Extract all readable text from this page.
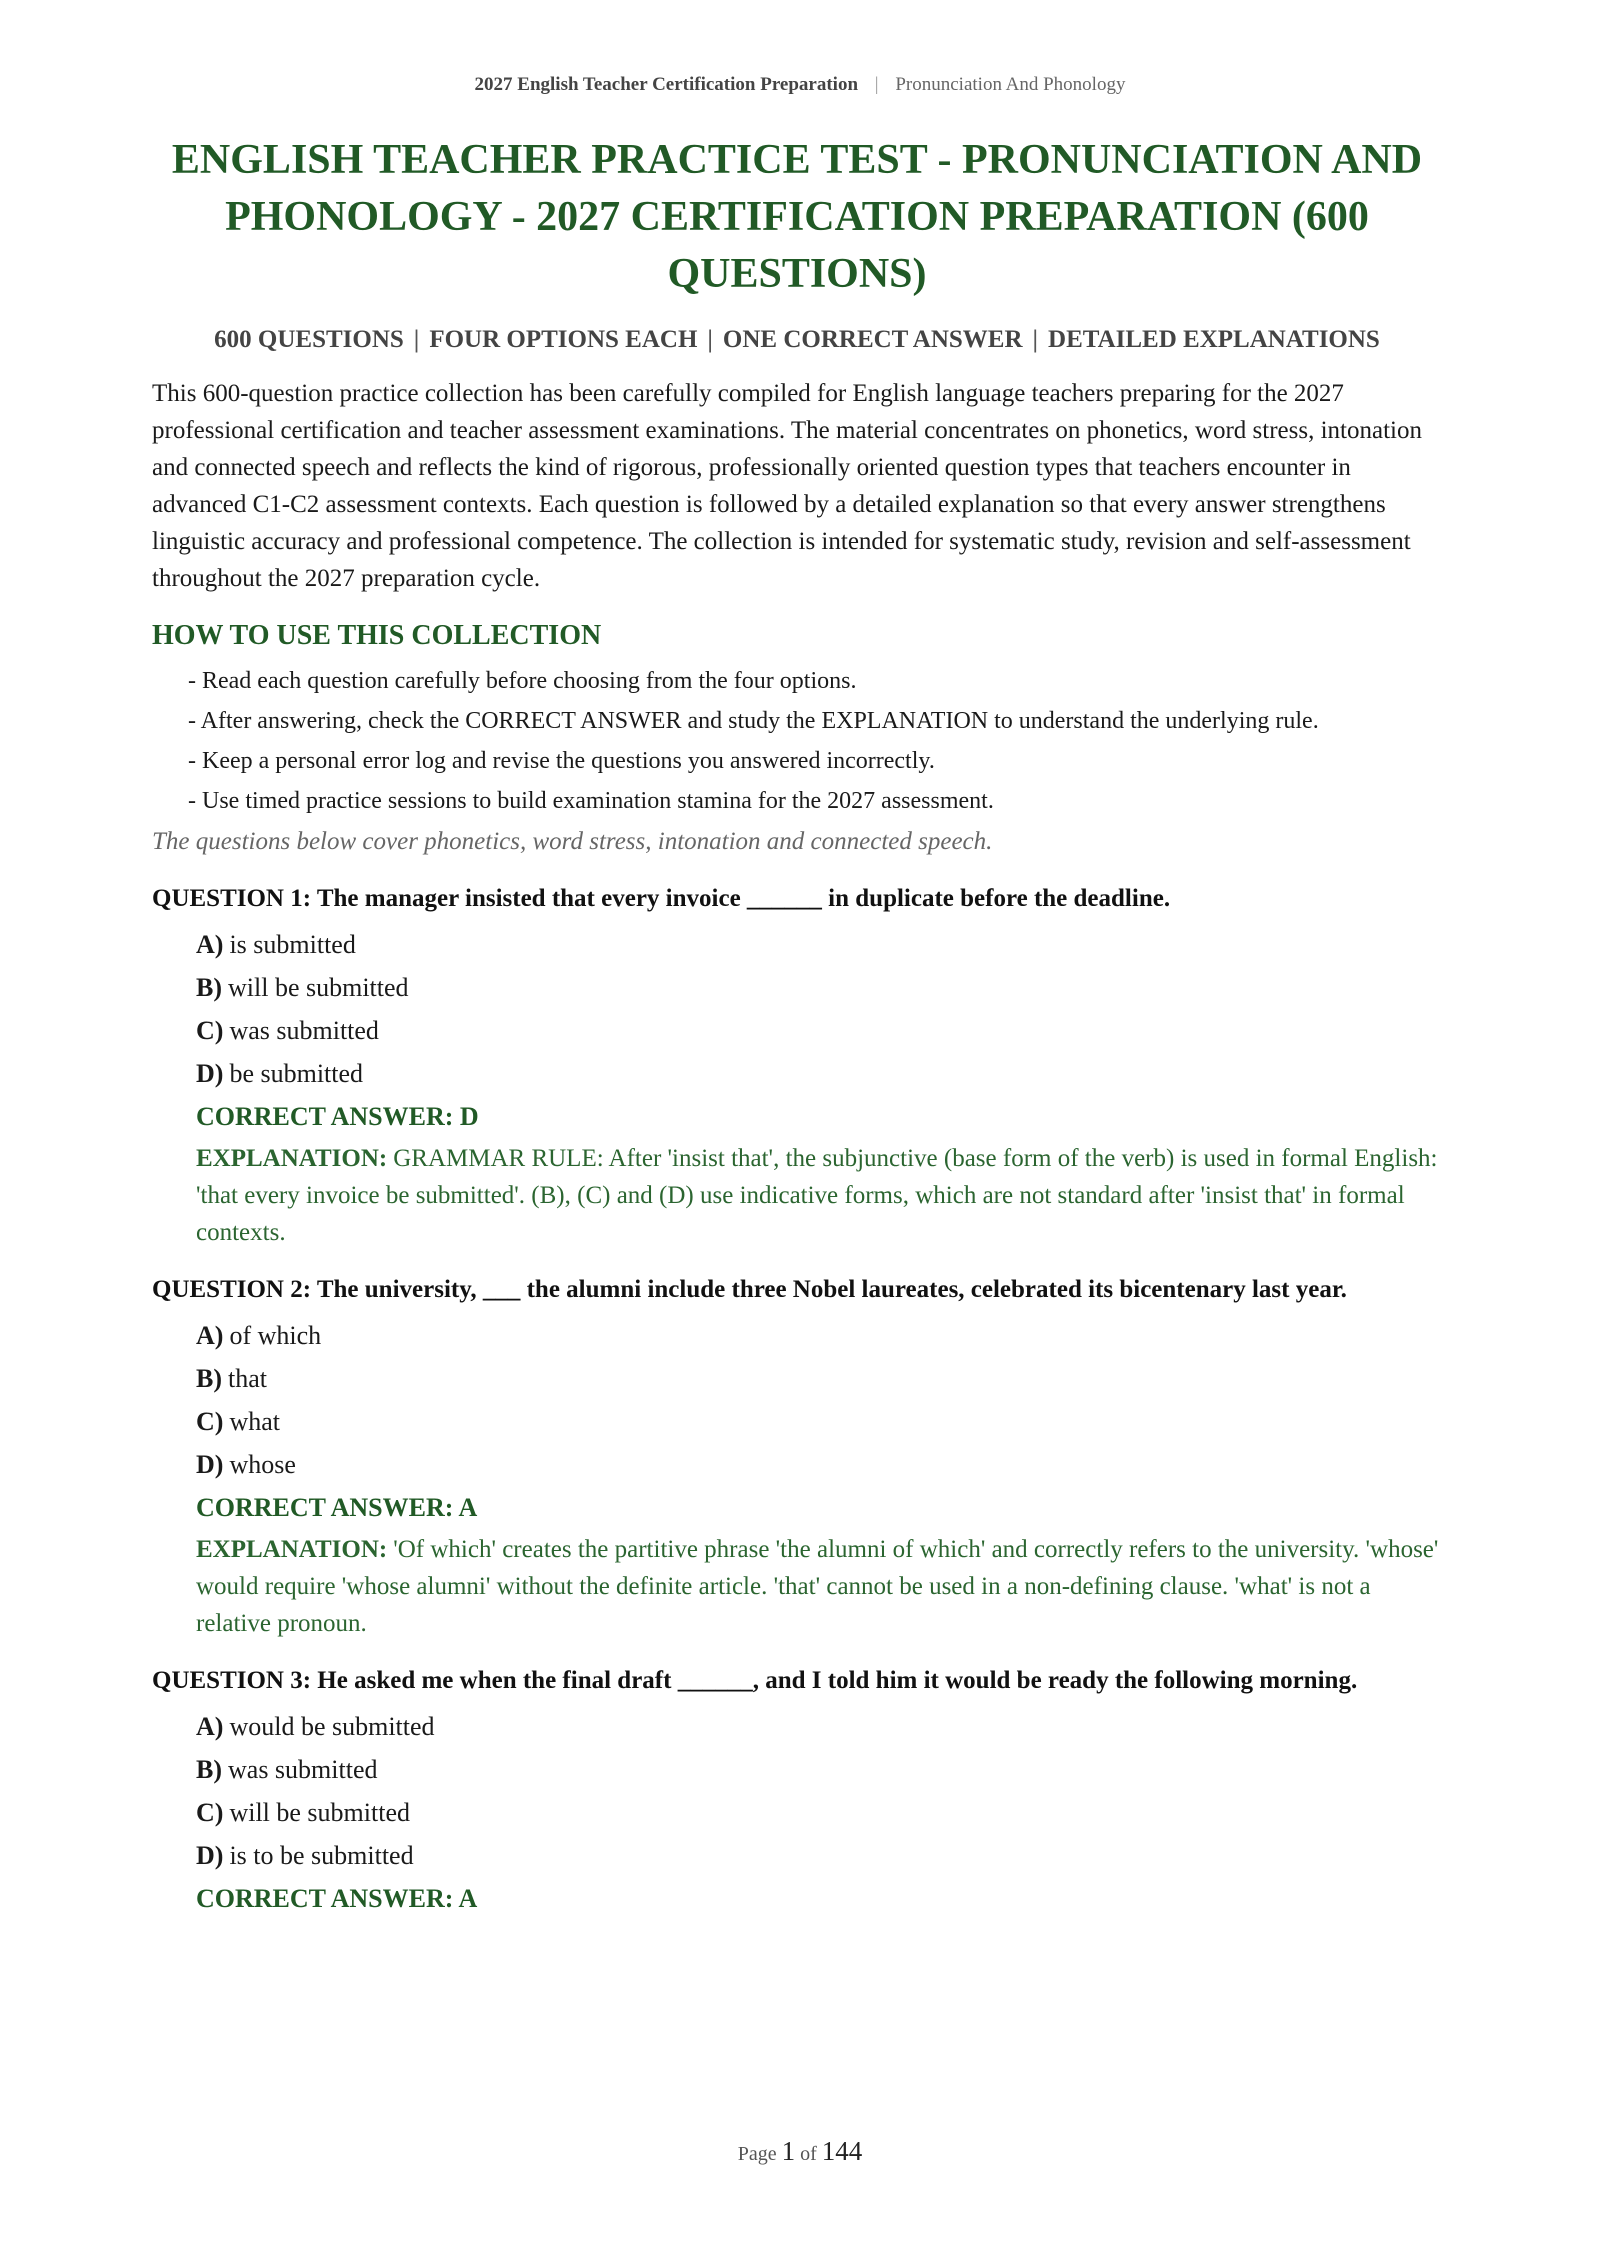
2027 English Teacher Certification Preparation | Pronunciation And Phonology
ENGLISH TEACHER PRACTICE TEST - PRONUNCIATION AND PHONOLOGY - 2027 CERTIFICATION PREPARATION (600 QUESTIONS)
600 QUESTIONS | FOUR OPTIONS EACH | ONE CORRECT ANSWER | DETAILED EXPLANATIONS

This 600-question practice collection has been carefully compiled for English language teachers preparing for the 2027 professional certification and teacher assessment examinations. The material concentrates on phonetics, word stress, intonation and connected speech and reflects the kind of rigorous, professionally oriented question types that teachers encounter in advanced C1-C2 assessment contexts. Each question is followed by a detailed explanation so that every answer strengthens linguistic accuracy and professional competence. The collection is intended for systematic study, revision and self-assessment throughout the 2027 preparation cycle.

HOW TO USE THIS COLLECTION
- Read each question carefully before choosing from the four options.
- After answering, check the CORRECT ANSWER and study the EXPLANATION to understand the underlying rule.
- Keep a personal error log and revise the questions you answered incorrectly.
- Use timed practice sessions to build examination stamina for the 2027 assessment.

The questions below cover phonetics, word stress, intonation and connected speech.

QUESTION 1: The manager insisted that every invoice ______ in duplicate before the deadline.

A) is submitted
B) will be submitted
C) was submitted
D) be submitted
CORRECT ANSWER: D
EXPLANATION: GRAMMAR RULE: After 'insist that', the subjunctive (base form of the verb) is used in formal English: 'that every invoice be submitted'. (B), (C) and (D) use indicative forms, which are not standard after 'insist that' in formal contexts.

QUESTION 2: The university, ___ the alumni include three Nobel laureates, celebrated its bicentenary last year.

A) of which
B) that
C) what
D) whose
CORRECT ANSWER: A
EXPLANATION: 'Of which' creates the partitive phrase 'the alumni of which' and correctly refers to the university. 'whose' would require 'whose alumni' without the definite article. 'that' cannot be used in a non-defining clause. 'what' is not a relative pronoun.

QUESTION 3: He asked me when the final draft ______, and I told him it would be ready the following morning.

A) would be submitted
B) was submitted
C) will be submitted
D) is to be submitted
CORRECT ANSWER: A
Page 1 of 144
